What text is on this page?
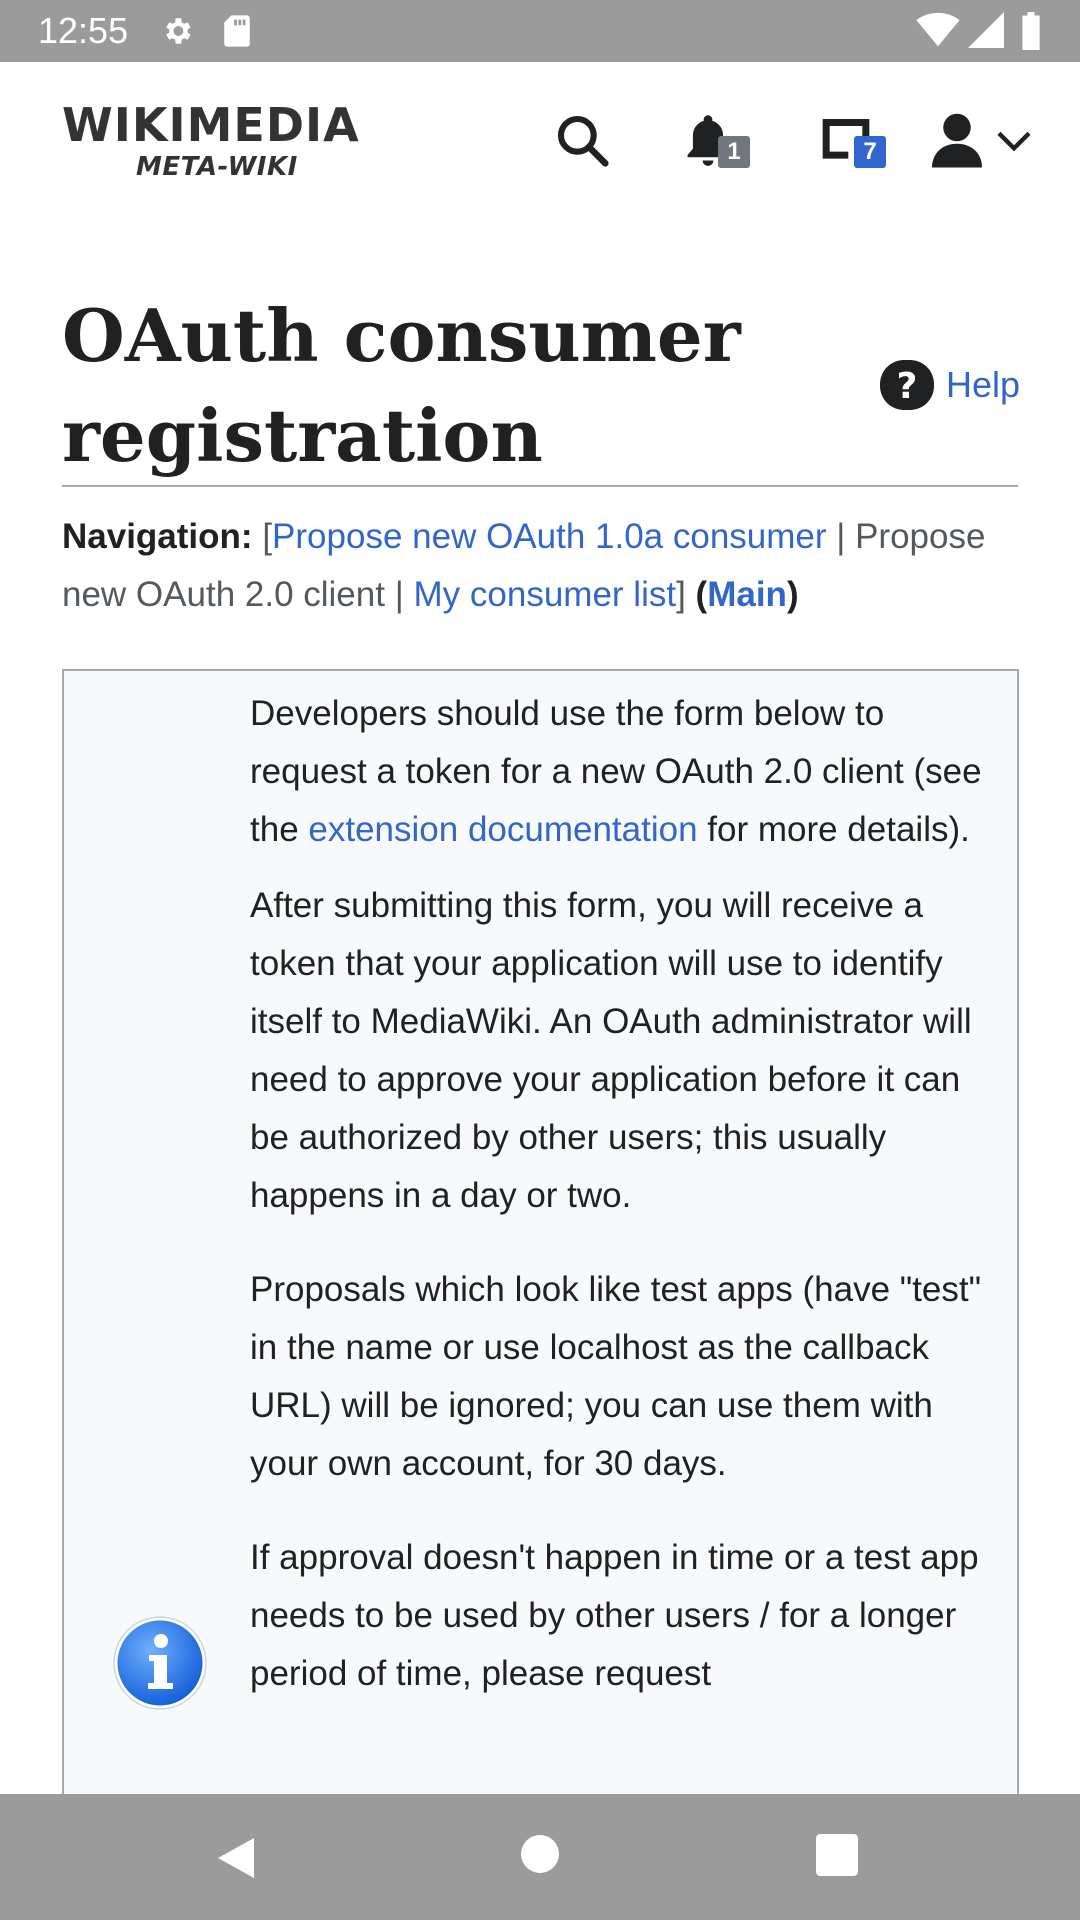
12:55
WIKIMEDIA
META-WIKI
1	7
OAuth consumer registration
? Help
Navigation: [Propose new OAuth 1.0a consumer | Propose new OAuth 2.0 client | My consumer list] (Main)

Developers should use the form below to request a token for a new OAuth 2.0 client (see the extension documentation for more details).

After submitting this form, you will receive a token that your application will use to identify itself to MediaWiki. An OAuth administrator will need to approve your application before it can be authorized by other users; this usually happens in a day or two.

Proposals which look like test apps (have "test" in the name or use localhost as the callback URL) will be ignored; you can use them with your own account, for 30 days.

If approval doesn't happen in time or a test app needs to be used by other users / for a longer period of time, please request
